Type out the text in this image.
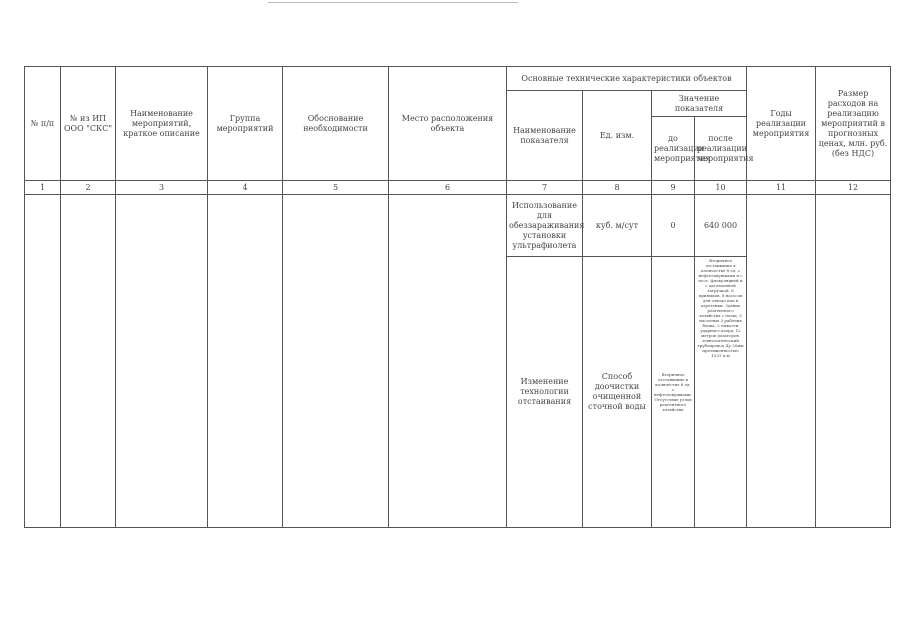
№ п/п	№ из ИП ООО "СКС"	Наименование мероприятий, краткое описание	Группа мероприятий	Обоснование необходимости	Место расположения объекта	Основные технические характеристики объектов				Годы реализации мероприятия	Размер расходов на реализацию мероприятий в прогнозных ценах, млн. руб. (без НДС)
						Наименование показателя	Ед. изм.	Значение показателя			
								до реализации мероприятия	после реализации мероприятия		
1	2	3	4	5	6	7	8	9	10	11	12
						Использование для обеззараживания установки ультрафиолета	куб. м/сут	0	640 000		
						Изменение технологии отстаивания	Способ доочистки очищенной сточной воды	Вторичное отстаивание в количестве 8 ед. с нефтеловушками. Отсутствие узлов реагентного хозяйства	Вторичное отстаивание в количестве 8 ед. с нефтеловушками и с пост. флокуляцией и с адгезионной загрузкой. 8 приямков. 8 насосов для отвода ила в аэротенки. Здание реагентного хозяйства с площ. 3 насосных 3 рабочих блока, 2 емкости ударного хлора, 12 метров дозаторов, технологический трубопровод Ду 50мм протяженностью 1531 п.м		
